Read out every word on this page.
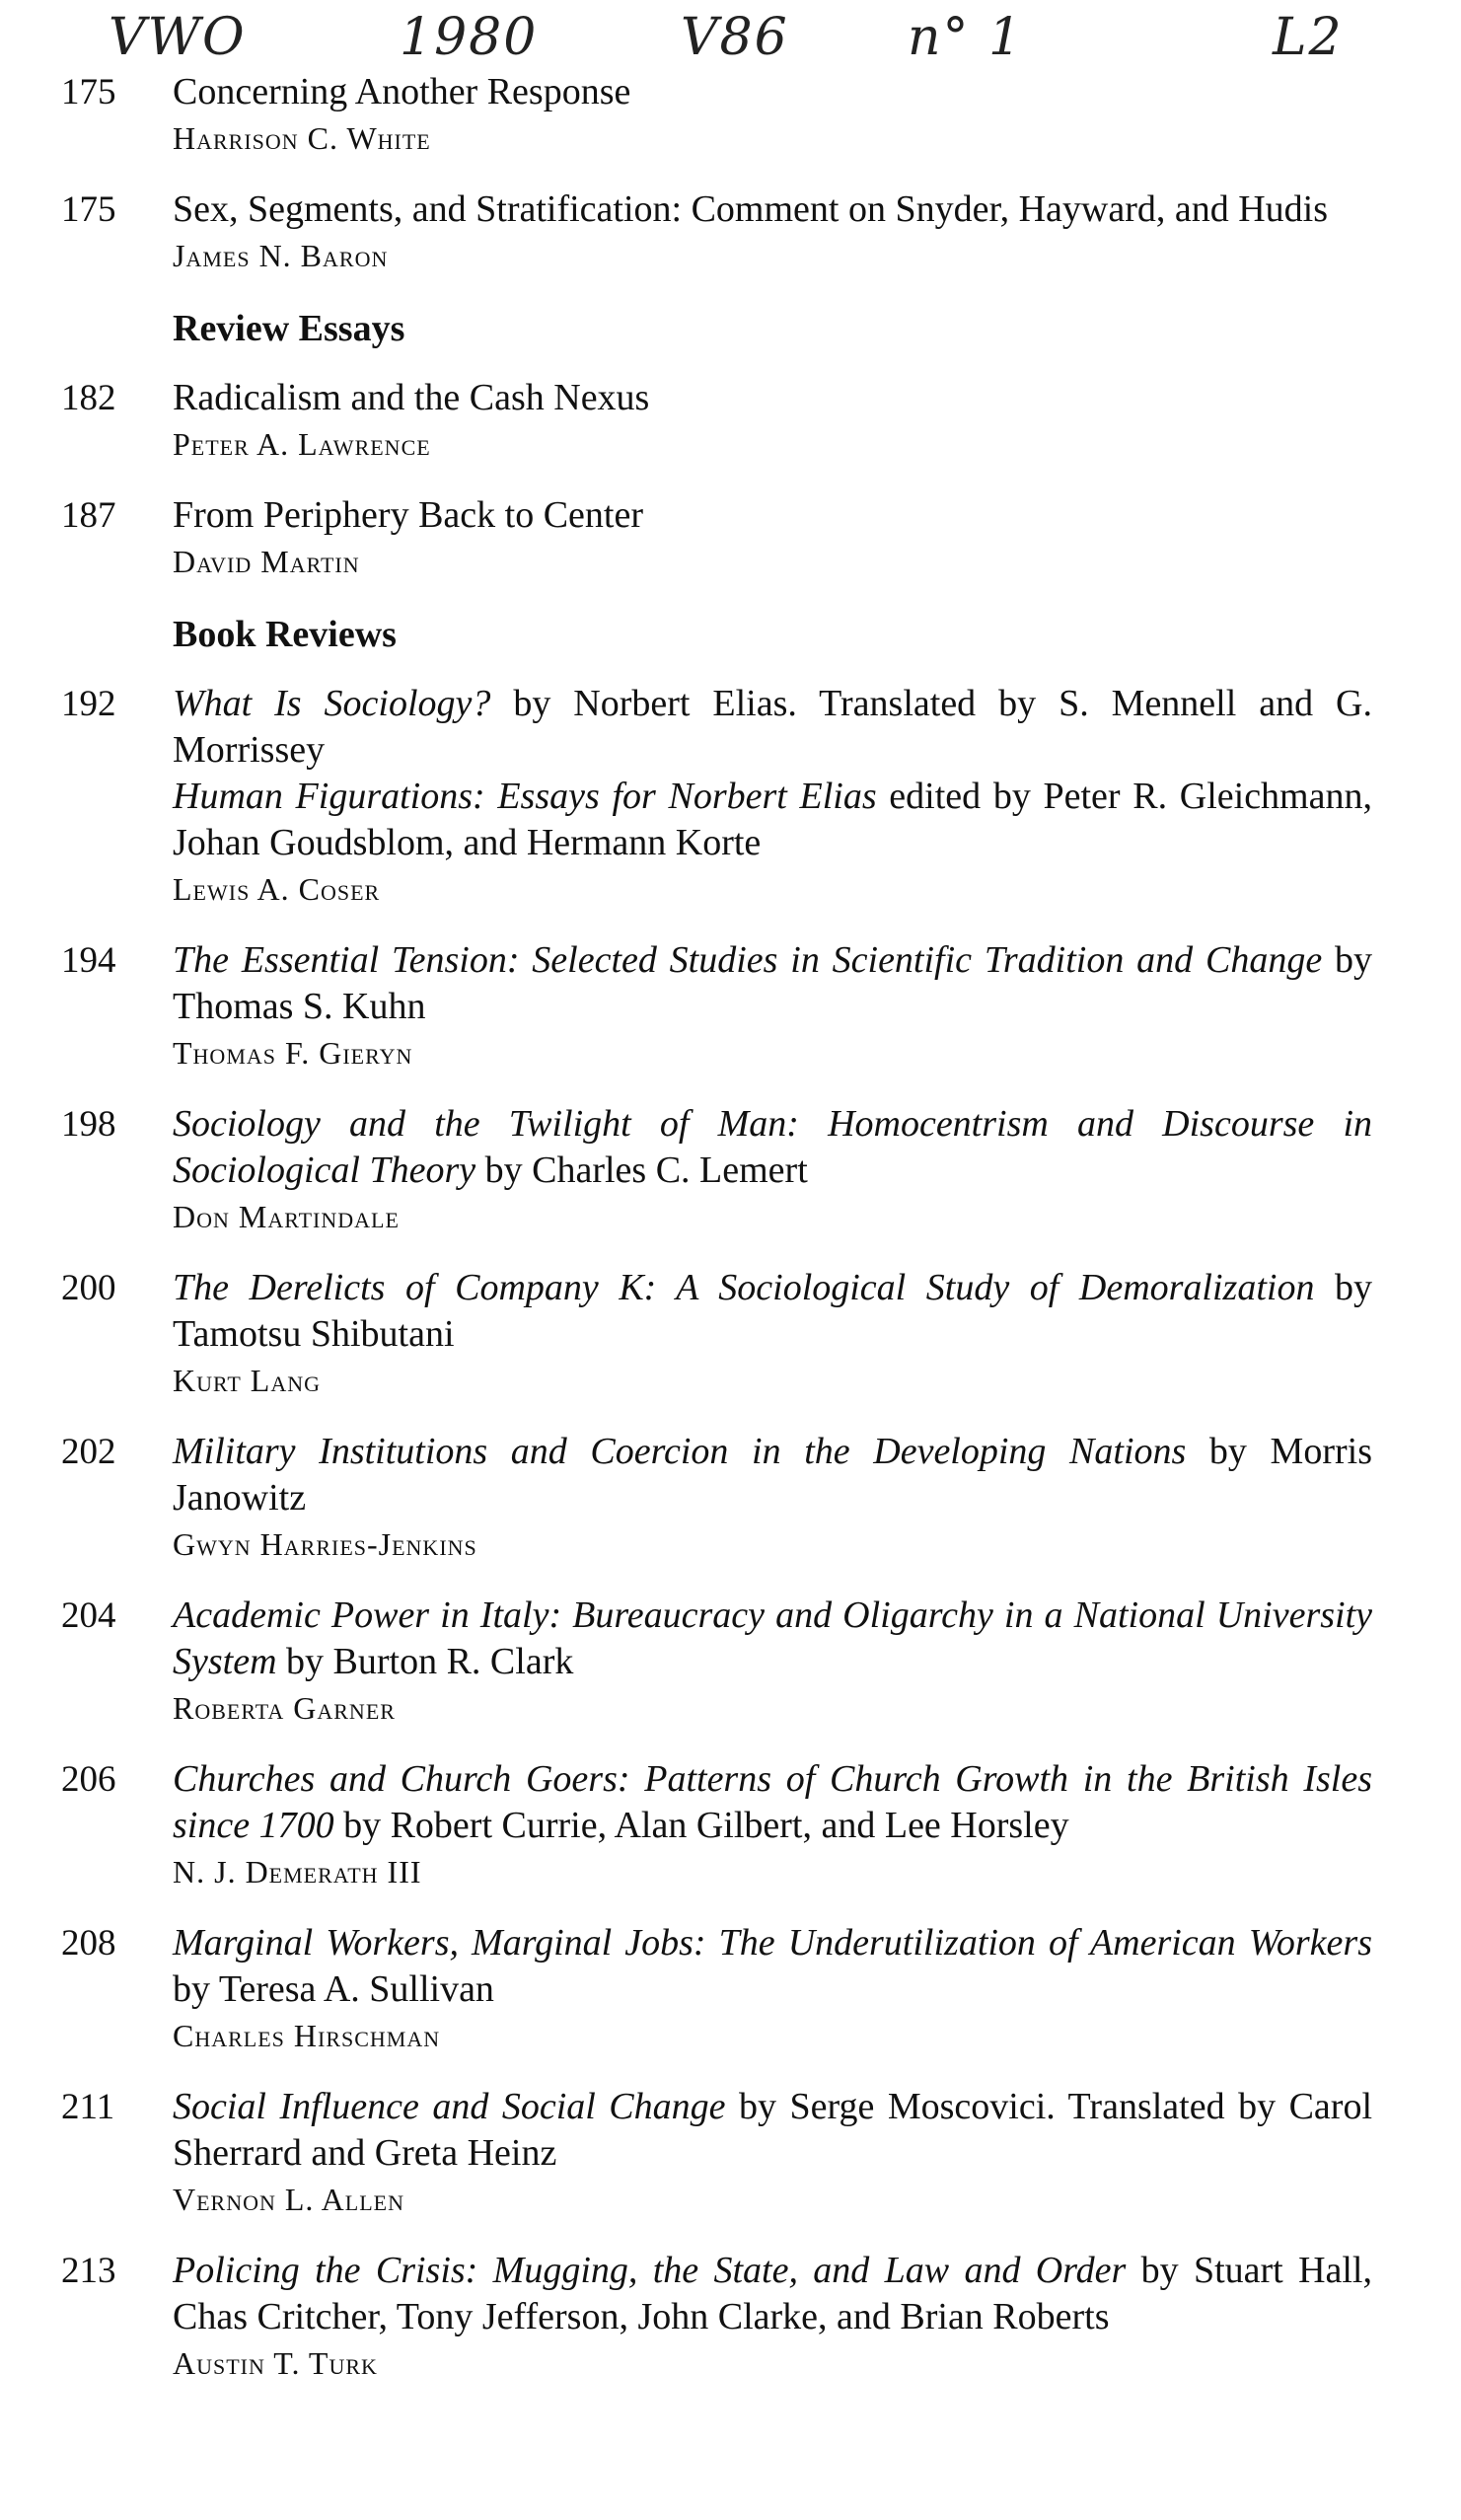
VWO	1980	V86 n° 1	L2
175	Concerning Another Response
Harrison C. White
175	Sex, Segments, and Stratification: Comment on Snyder, Hayward, and Hudis
James N. Baron
Review Essays
182	Radicalism and the Cash Nexus
Peter A. Lawrence
187	From Periphery Back to Center
David Martin
Book Reviews
192	What Is Sociology? by Norbert Elias. Translated by S. Mennell and G. Morrissey
Human Figurations: Essays for Norbert Elias edited by Peter R. Gleichmann, Johan Goudsblom, and Hermann Korte
Lewis A. Coser
194	The Essential Tension: Selected Studies in Scientific Tradition and Change by Thomas S. Kuhn
Thomas F. Gieryn
198	Sociology and the Twilight of Man: Homocentrism and Discourse in Sociological Theory by Charles C. Lemert
Don Martindale
200	The Derelicts of Company K: A Sociological Study of Demoralization by Tamotsu Shibutani
Kurt Lang
202	Military Institutions and Coercion in the Developing Nations by Morris Janowitz
Gwyn Harries-Jenkins
204	Academic Power in Italy: Bureaucracy and Oligarchy in a National University System by Burton R. Clark
Roberta Garner
206	Churches and Church Goers: Patterns of Church Growth in the British Isles since 1700 by Robert Currie, Alan Gilbert, and Lee Horsley
N. J. Demerath III
208	Marginal Workers, Marginal Jobs: The Underutilization of American Workers by Teresa A. Sullivan
Charles Hirschman
211	Social Influence and Social Change by Serge Moscovici. Translated by Carol Sherrard and Greta Heinz
Vernon L. Allen
213	Policing the Crisis: Mugging, the State, and Law and Order by Stuart Hall, Chas Critcher, Tony Jefferson, John Clarke, and Brian Roberts
Austin T. Turk
